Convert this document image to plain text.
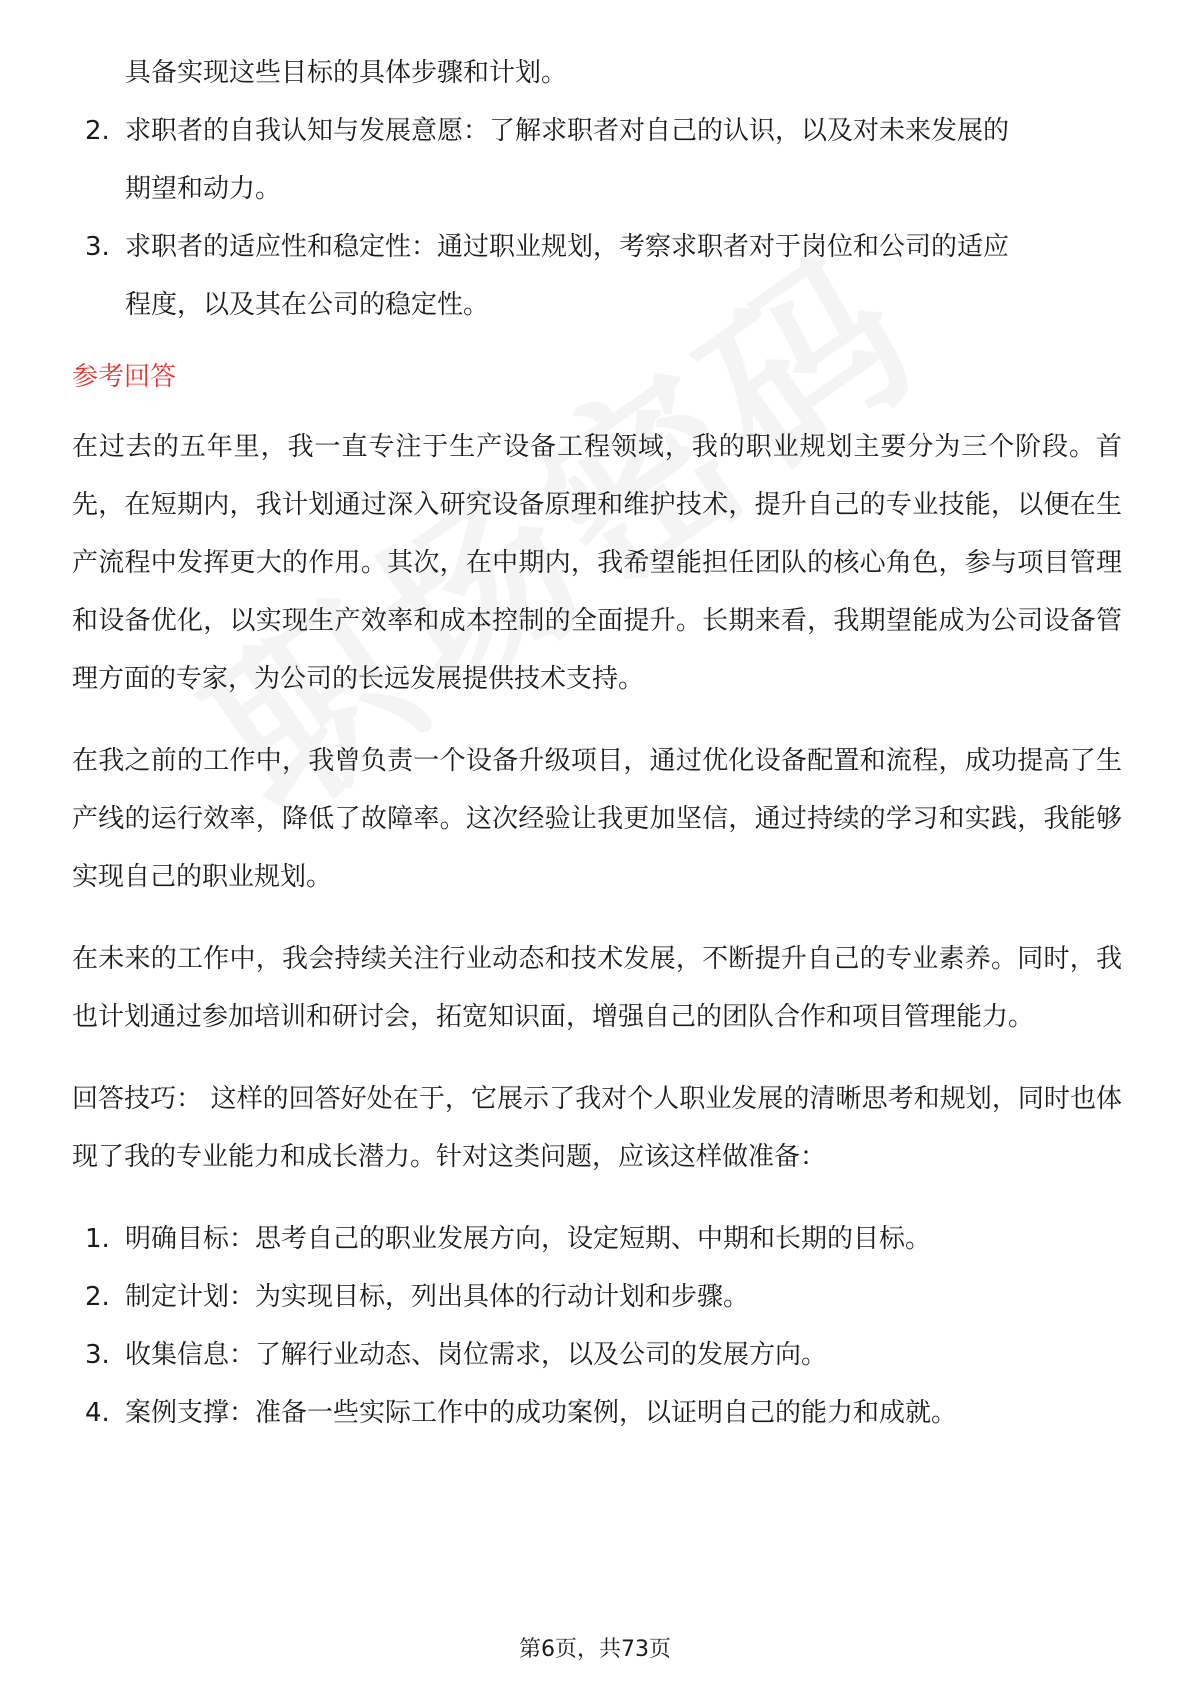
具备实现这些目标的具体步骤和计划。
2. 求职者的自我认知与发展意愿：了解求职者对自己的认识，以及对未来发展的
期望和动力。
3. 求职者的适应性和稳定性：通过职业规划，考察求职者对于岗位和公司的适应
程度，以及其在公司的稳定性。
参考回答

在过去的五年里，我一直专注于生产设备工程领域，我的职业规划主要分为三个阶段。首先，在短期内，我计划通过深入研究设备原理和维护技术，提升自己的专业技能，以便在生产流程中发挥更大的作用。其次，在中期内，我希望能担任团队的核心角色，参与项目管理和设备优化，以实现生产效率和成本控制的全面提升。长期来看，我期望能成为公司设备管理方面的专家，为公司的长远发展提供技术支持。

在我之前的工作中，我曾负责一个设备升级项目，通过优化设备配置和流程，成功提高了生产线的运行效率，降低了故障率。这次经验让我更加坚信，通过持续的学习和实践，我能够实现自己的职业规划。

在未来的工作中，我会持续关注行业动态和技术发展，不断提升自己的专业素养。同时，我也计划通过参加培训和研讨会，拓宽知识面，增强自己的团队合作和项目管理能力。

回答技巧： 这样的回答好处在于，它展示了我对个人职业发展的清晰思考和规划，同时也体现了我的专业能力和成长潜力。针对这类问题，应该这样做准备：

1. 明确目标：思考自己的职业发展方向，设定短期、中期和长期的目标。
2. 制定计划：为实现目标，列出具体的行动计划和步骤。
3. 收集信息：了解行业动态、岗位需求，以及公司的发展方向。
4. 案例支撑：准备一些实际工作中的成功案例，以证明自己的能力和成就。
第6页，共73页
